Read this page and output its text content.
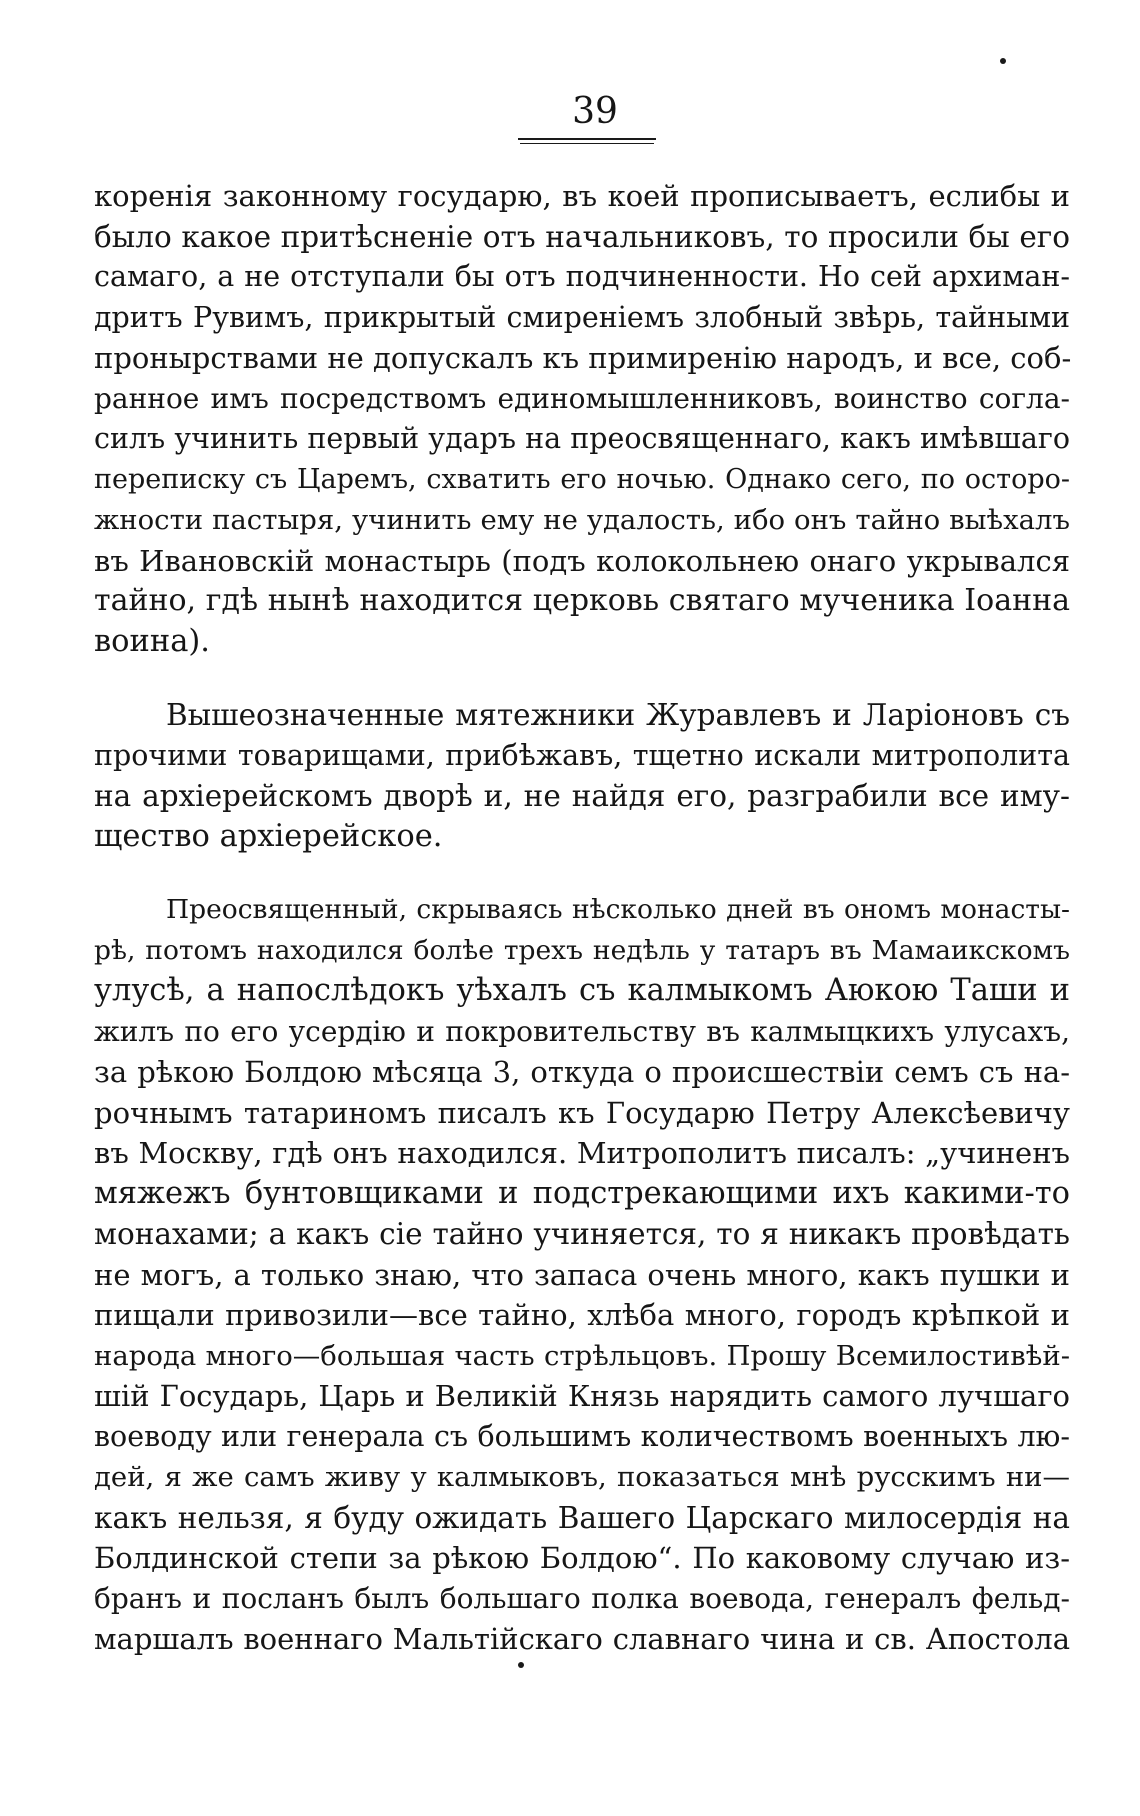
39
коренія законному государю, въ коей прописываетъ, еслибы и
было какое притѣсненіе отъ начальниковъ, то просили бы его
самаго, а не отступали бы отъ подчиненности. Но сей архиман-
дритъ Рувимъ, прикрытый смиреніемъ злобный звѣрь, тайными
пронырствами не допускалъ къ примиренію народъ, и все, соб-
ранное имъ посредствомъ единомышленниковъ, воинство согла-
силъ учинить первый ударъ на преосвященнаго, какъ имѣвшаго
переписку съ Царемъ, схватить его ночью. Однако сего, по осторо-
жности пастыря, учинить ему не удалость, ибо онъ тайно выѣхалъ
въ Ивановскій монастырь (подъ колокольнею онаго укрывался
тайно, гдѣ нынѣ находится церковь святаго мученика Іоанна
воина).
Вышеозначенные мятежники Журавлевъ и Ларіоновъ съ
прочими товарищами, прибѣжавъ, тщетно искали митрополита
на архіерейскомъ дворѣ и, не найдя его, разграбили все иму-
щество архіерейское.
Преосвященный, скрываясь нѣсколько дней въ ономъ монасты-
рѣ, потомъ находился болѣе трехъ недѣль у татаръ въ Мамаикскомъ
улусѣ, а напослѣдокъ уѣхалъ съ калмыкомъ Аюкою Таши и
жилъ по его усердію и покровительству въ калмыцкихъ улусахъ,
за рѣкою Болдою мѣсяца 3, откуда о происшествіи семъ съ на-
рочнымъ татариномъ писалъ къ Государю Петру Алексѣевичу
въ Москву, гдѣ онъ находился. Митрополитъ писалъ: „учиненъ
мяжежъ бунтовщиками и подстрекающими ихъ какими-то
монахами; а какъ сіе тайно учиняется, то я никакъ провѣдать
не могъ, а только знаю, что запаса очень много, какъ пушки и
пищали привозили—все тайно, хлѣба много, городъ крѣпкой и
народа много—большая часть стрѣльцовъ. Прошу Всемилостивѣй-
шій Государь, Царь и Великій Князь нарядить самого лучшаго
воеводу или генерала съ большимъ количествомъ военныхъ лю-
дей, я же самъ живу у калмыковъ, показаться мнѣ русскимъ ни—
какъ нельзя, я буду ожидать Вашего Царскаго милосердія на
Болдинской степи за рѣкою Болдою“. По каковому случаю из-
бранъ и посланъ былъ большаго полка воевода, генералъ фельд-
маршалъ военнаго Мальтійскаго славнаго чина и св. Апостола
